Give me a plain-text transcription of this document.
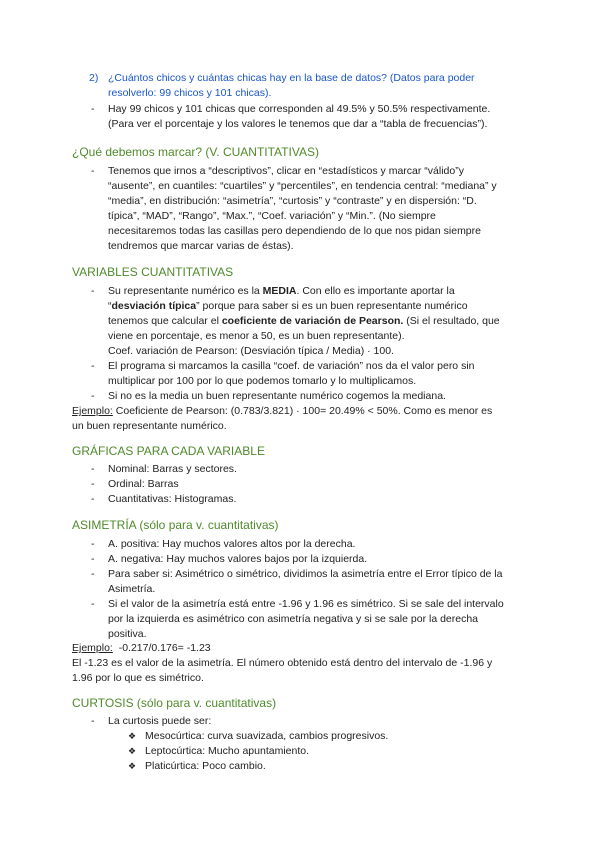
2) ¿Cuántos chicos y cuántas chicas hay en la base de datos? (Datos para poder
resolverlo: 99 chicos y 101 chicas).
-	Hay 99 chicos y 101 chicas que corresponden al 49.5% y 50.5% respectivamente.
(Para ver el porcentaje y los valores le tenemos que dar a “tabla de frecuencias”).
¿Qué debemos marcar? (V. CUANTITATIVAS)
-	Tenemos que irnos a “descriptivos”, clicar en “estadísticos y marcar “válido”y
“ausente”, en cuantiles: “cuartiles” y “percentiles”, en tendencia central: “mediana” y
“media”, en distribución: “asimetría”, “curtosis” y “contraste” y en dispersión: “D.
típica”, “MAD”, “Rango”, “Max.”, “Coef. variación” y “Min.”. (No siempre
necesitaremos todas las casillas pero dependiendo de lo que nos pidan siempre
tendremos que marcar varias de éstas).
VARIABLES CUANTITATIVAS
-	Su representante numérico es la MEDIA. Con ello es importante aportar la
“desviación típica” porque para saber si es un buen representante numérico
tenemos que calcular el coeficiente de variación de Pearson. (Si el resultado, que
viene en porcentaje, es menor a 50, es un buen representante).
Coef. variación de Pearson: (Desviación típica / Media) · 100.
-	El programa si marcamos la casilla “coef. de variación” nos da el valor pero sin
multiplicar por 100 por lo que podemos tomarlo y lo multiplicamos.
-	Si no es la media un buen representante numérico cogemos la mediana.
Ejemplo: Coeficiente de Pearson: (0.783/3.821) · 100= 20.49% < 50%. Como es menor es
un buen representante numérico.
GRÁFICAS PARA CADA VARIABLE
-	Nominal: Barras y sectores.
-	Ordinal: Barras
-	Cuantitativas: Histogramas.
ASIMETRÍA (sólo para v. cuantitativas)
-	A. positiva: Hay muchos valores altos por la derecha.
-	A. negativa: Hay muchos valores bajos por la izquierda.
-	Para saber si: Asimétrico o simétrico, dividimos la asimetría entre el Error típico de la
Asimetría.
-	Si el valor de la asimetría está entre -1.96 y 1.96 es simétrico. Si se sale del intervalo
por la izquierda es asimétrico con asimetría negativa y si se sale por la derecha
positiva.
Ejemplo:  -0.217/0.176= -1.23
El -1.23 es el valor de la asimetría. El número obtenido está dentro del intervalo de -1.96 y
1.96 por lo que es simétrico.
CURTOSIS (sólo para v. cuantitativas)
-	La curtosis puede ser:
❖ Mesocúrtica: curva suavizada, cambios progresivos.
❖ Leptocúrtica: Mucho apuntamiento.
❖ Platicúrtica: Poco cambio.
